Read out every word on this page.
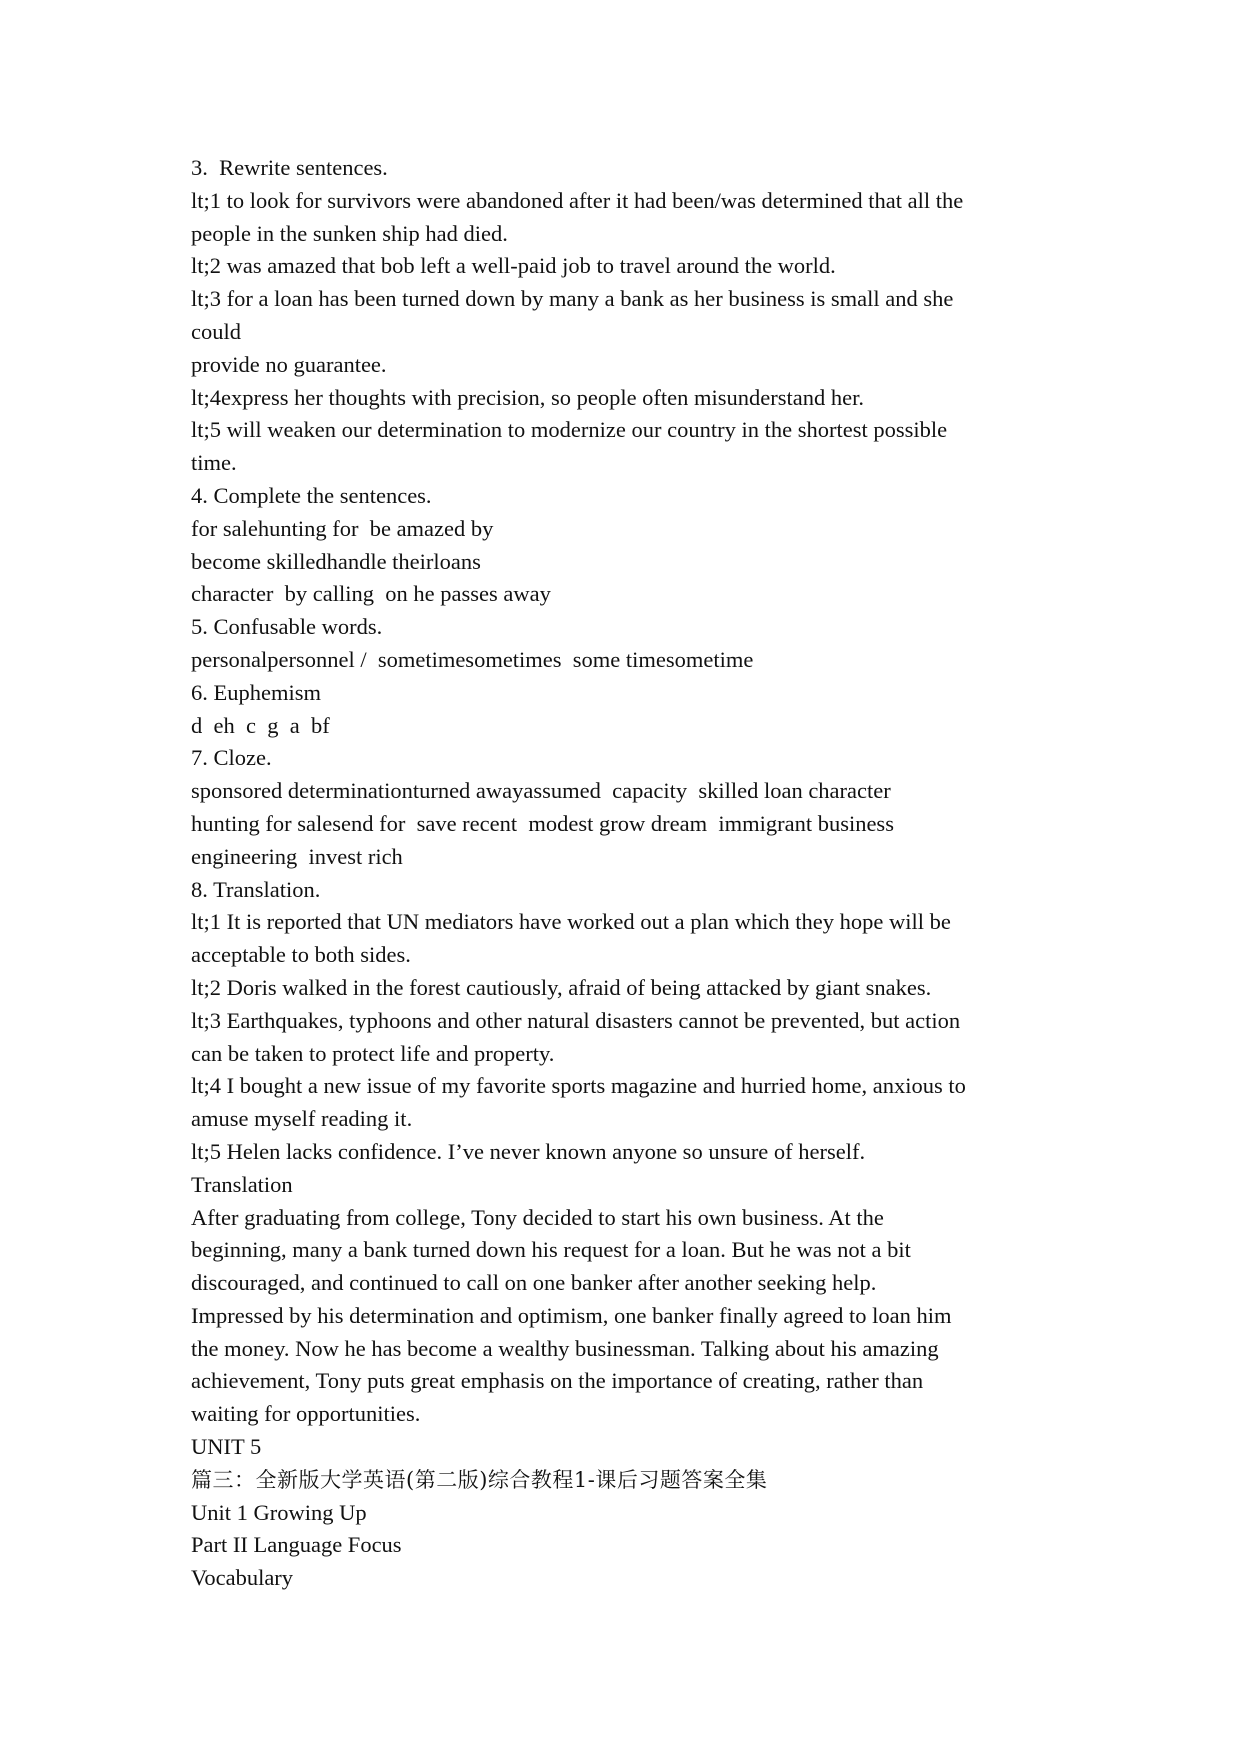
3.  Rewrite sentences.
lt;1 to look for survivors were abandoned after it had been/was determined that all the
people in the sunken ship had died.
lt;2 was amazed that bob left a well-paid job to travel around the world.
lt;3 for a loan has been turned down by many a bank as her business is small and she
could
provide no guarantee.
lt;4express her thoughts with precision, so people often misunderstand her.
lt;5 will weaken our determination to modernize our country in the shortest possible
time.
4. Complete the sentences.
for salehunting for  be amazed by
become skilledhandle theirloans
character  by calling  on he passes away
5. Confusable words.
personalpersonnel /  sometimesometimes  some timesometime
6. Euphemism
d  eh  c  g  a  bf
7. Cloze.
sponsored determinationturned awayassumed  capacity  skilled loan character
hunting for salesend for  save recent  modest grow dream  immigrant business
engineering  invest rich
8. Translation.
lt;1 It is reported that UN mediators have worked out a plan which they hope will be
acceptable to both sides.
lt;2 Doris walked in the forest cautiously, afraid of being attacked by giant snakes.
lt;3 Earthquakes, typhoons and other natural disasters cannot be prevented, but action
can be taken to protect life and property.
lt;4 I bought a new issue of my favorite sports magazine and hurried home, anxious to
amuse myself reading it.
lt;5 Helen lacks confidence. I’ve never known anyone so unsure of herself.
Translation
After graduating from college, Tony decided to start his own business. At the
beginning, many a bank turned down his request for a loan. But he was not a bit
discouraged, and continued to call on one banker after another seeking help.
Impressed by his determination and optimism, one banker finally agreed to loan him
the money. Now he has become a wealthy businessman. Talking about his amazing
achievement, Tony puts great emphasis on the importance of creating, rather than
waiting for opportunities.
UNIT 5
篇三：全新版大学英语(第二版)综合教程1-课后习题答案全集
Unit 1 Growing Up
Part II Language Focus
Vocabulary
